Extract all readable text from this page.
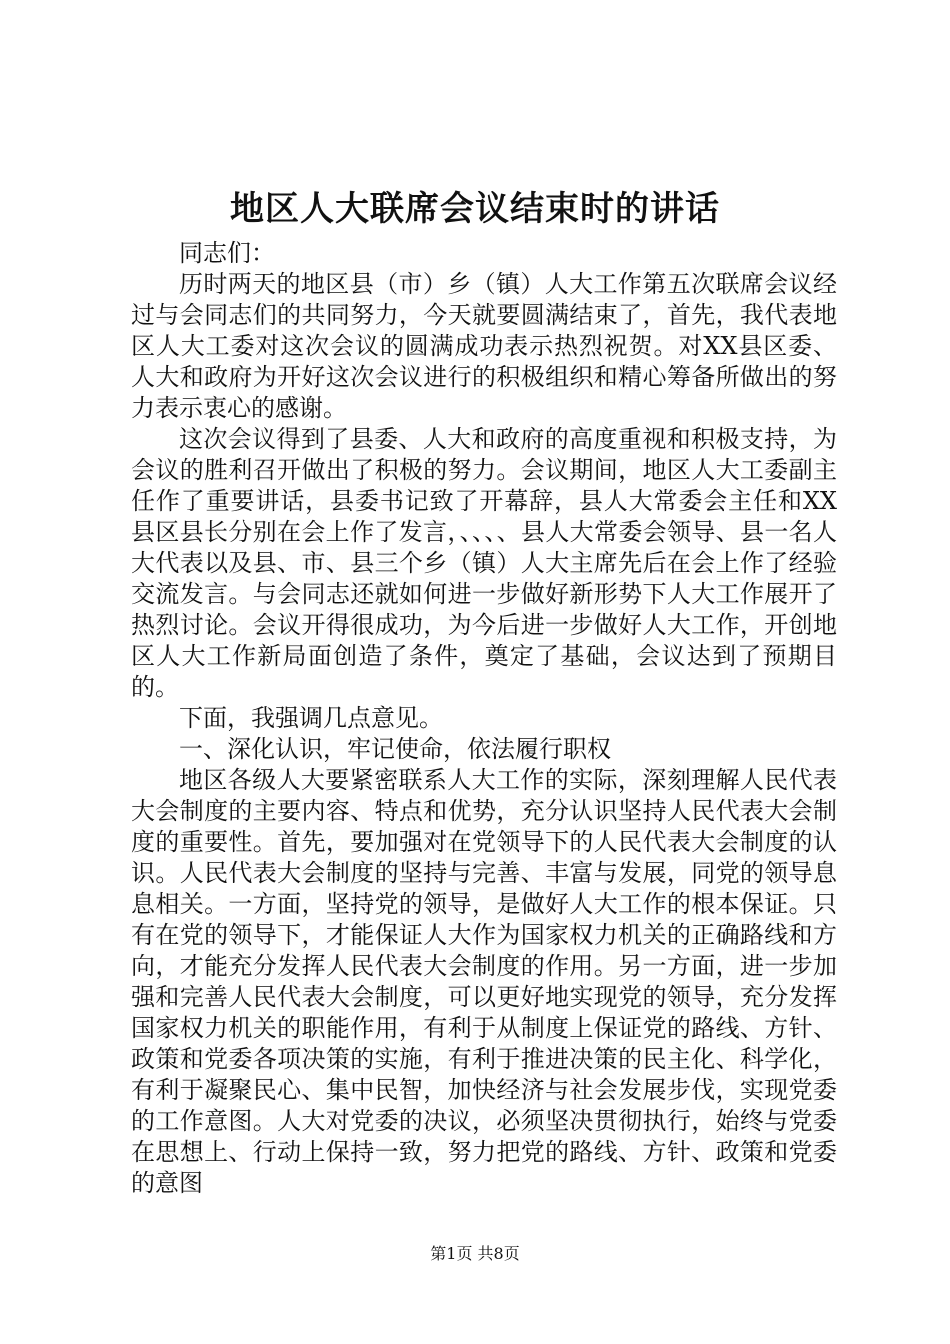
地区人大联席会议结束时的讲话

同志们：

历时两天的地区县（市）乡（镇）人大工作第五次联席会议经过与会同志们的共同努力，今天就要圆满结束了，首先，我代表地区人大工委对这次会议的圆满成功表示热烈祝贺。对XX县区委、人大和政府为开好这次会议进行的积极组织和精心筹备所做出的努力表示衷心的感谢。

这次会议得到了县委、人大和政府的高度重视和积极支持，为会议的胜利召开做出了积极的努力。会议期间，地区人大工委副主任作了重要讲话，县委书记致了开幕辞，县人大常委会主任和XX县区县长分别在会上作了发言，、、、、县人大常委会领导、县一名人大代表以及县、市、县三个乡（镇）人大主席先后在会上作了经验交流发言。与会同志还就如何进一步做好新形势下人大工作展开了热烈讨论。会议开得很成功，为今后进一步做好人大工作，开创地区人大工作新局面创造了条件，奠定了基础，会议达到了预期目的。

下面，我强调几点意见。

一、深化认识，牢记使命，依法履行职权

地区各级人大要紧密联系人大工作的实际，深刻理解人民代表大会制度的主要内容、特点和优势，充分认识坚持人民代表大会制度的重要性。首先，要加强对在党领导下的人民代表大会制度的认识。人民代表大会制度的坚持与完善、丰富与发展，同党的领导息息相关。一方面，坚持党的领导，是做好人大工作的根本保证。只有在党的领导下，才能保证人大作为国家权力机关的正确路线和方向，才能充分发挥人民代表大会制度的作用。另一方面，进一步加强和完善人民代表大会制度，可以更好地实现党的领导，充分发挥国家权力机关的职能作用，有利于从制度上保证党的路线、方针、政策和党委各项决策的实施，有利于推进决策的民主化、科学化，有利于凝聚民心、集中民智，加快经济与社会发展步伐，实现党委的工作意图。人大对党委的决议，必须坚决贯彻执行，始终与党委在思想上、行动上保持一致，努力把党的路线、方针、政策和党委的意图

第1页 共8页
